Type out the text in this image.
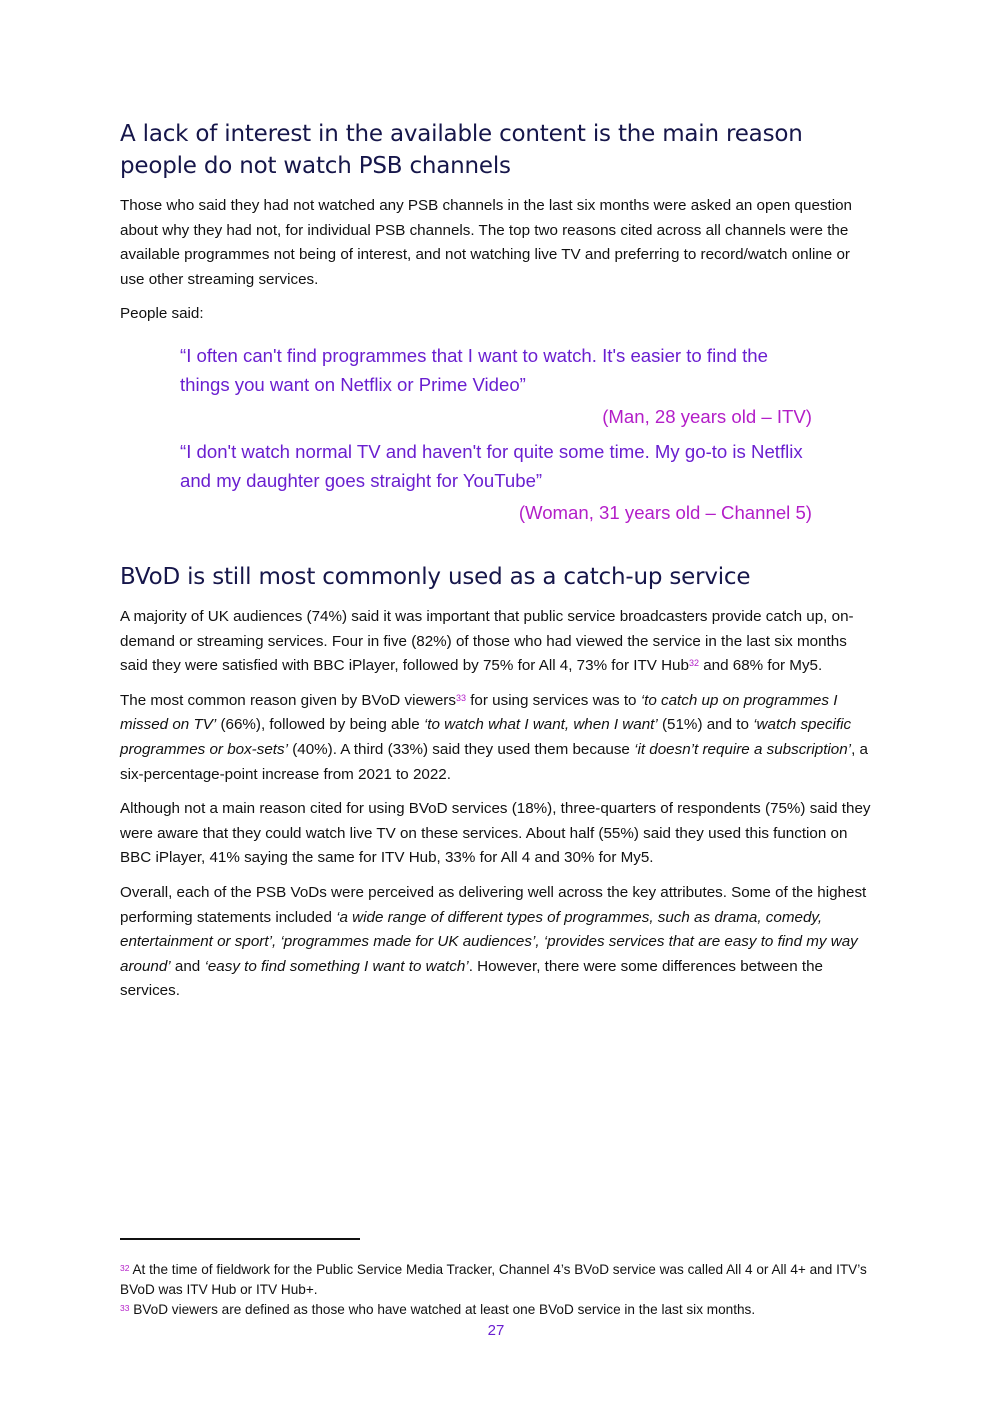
A lack of interest in the available content is the main reason people do not watch PSB channels

Those who said they had not watched any PSB channels in the last six months were asked an open question about why they had not, for individual PSB channels. The top two reasons cited across all channels were the available programmes not being of interest, and not watching live TV and preferring to record/watch online or use other streaming services.

People said:

“I often can't find programmes that I want to watch. It's easier to find the things you want on Netflix or Prime Video”

(Man, 28 years old – ITV)

“I don't watch normal TV and haven't for quite some time. My go-to is Netflix and my daughter goes straight for YouTube”

(Woman, 31 years old – Channel 5)

BVoD is still most commonly used as a catch-up service

A majority of UK audiences (74%) said it was important that public service broadcasters provide catch up, on-demand or streaming services. Four in five (82%) of those who had viewed the service in the last six months said they were satisfied with BBC iPlayer, followed by 75% for All 4, 73% for ITV Hub$^{32}$ and 68% for My5.

The most common reason given by BVoD viewers$^{33}$ for using services was to ‘to catch up on programmes I missed on TV’ (66%), followed by being able ‘to watch what I want, when I want’ (51%) and to ‘watch specific programmes or box-sets’ (40%). A third (33%) said they used them because ‘it doesn’t require a subscription’, a six-percentage-point increase from 2021 to 2022.

Although not a main reason cited for using BVoD services (18%), three-quarters of respondents (75%) said they were aware that they could watch live TV on these services. About half (55%) said they used this function on BBC iPlayer, 41% saying the same for ITV Hub, 33% for All 4 and 30% for My5.

Overall, each of the PSB VoDs were perceived as delivering well across the key attributes. Some of the highest performing statements included ‘a wide range of different types of programmes, such as drama, comedy, entertainment or sport’, ‘programmes made for UK audiences’, ‘provides services that are easy to find my way around’ and ‘easy to find something I want to watch’. However, there were some differences between the services.

$^{32}$ At the time of fieldwork for the Public Service Media Tracker, Channel 4’s BVoD service was called All 4 or All 4+ and ITV’s BVoD was ITV Hub or ITV Hub+.

$^{33}$ BVoD viewers are defined as those who have watched at least one BVoD service in the last six months.

27
